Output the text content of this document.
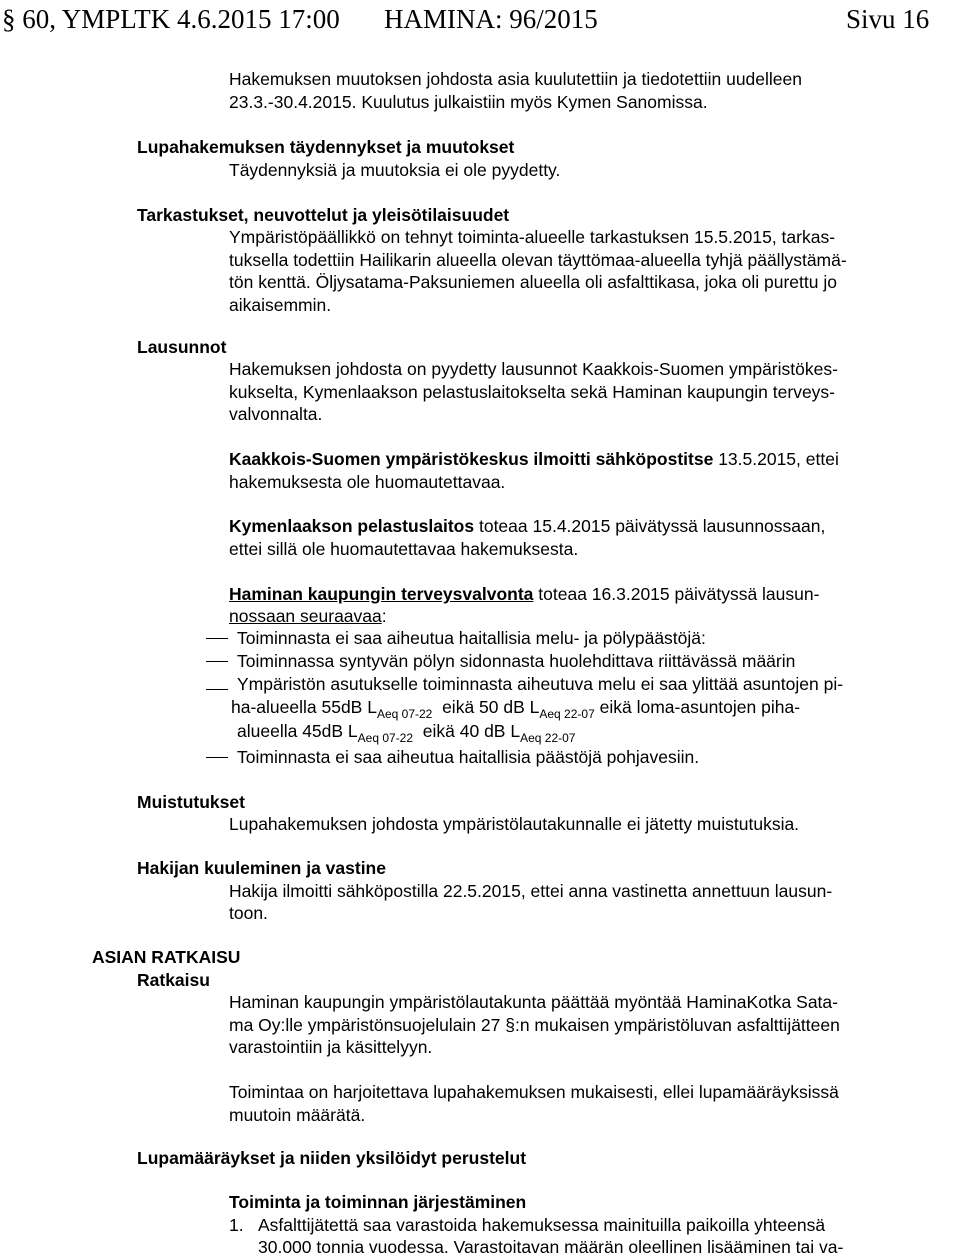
§ 60, YMPLTK 4.6.2015 17:00 HAMINA: 96/2015	Sivu 16
Hakemuksen muutoksen johdosta asia kuulutettiin ja tiedotettiin uudelleen
23.3.-30.4.2015. Kuulutus julkaistiin myös Kymen Sanomissa.
Lupahakemuksen täydennykset ja muutokset
Täydennyksiä ja muutoksia ei ole pyydetty.
Tarkastukset, neuvottelut ja yleisötilaisuudet
Ympäristöpäällikkö on tehnyt toiminta-alueelle tarkastuksen 15.5.2015, tarkas-
tuksella todettiin Hailikarin alueella olevan täyttömaa-alueella tyhjä päällystämä-
tön kenttä. Öljysatama-Paksuniemen alueella oli asfalttikasa, joka oli purettu jo
aikaisemmin.
Lausunnot
Hakemuksen johdosta on pyydetty lausunnot Kaakkois-Suomen ympäristökes-
kukselta, Kymenlaakson pelastuslaitokselta sekä Haminan kaupungin terveys-
valvonnalta.
Kaakkois-Suomen ympäristökeskus ilmoitti sähköpostitse 13.5.2015, ettei
hakemuksesta ole huomautettavaa.
Kymenlaakson pelastuslaitos toteaa 15.4.2015 päivätyssä lausunnossaan,
ettei sillä ole huomautettavaa hakemuksesta.
Haminan kaupungin terveysvalvonta toteaa 16.3.2015 päivätyssä lausun-
nossaan seuraavaa:
Toiminnasta ei saa aiheutua haitallisia melu- ja pölypäästöjä:
Toiminnassa syntyvän pölyn sidonnasta huolehdittava riittävässä määrin
Ympäristön asutukselle toiminnasta aiheutuva melu ei saa ylittää asuntojen pi-
ha-alueella 55dB $L_{Aeq 07-22}$  eikä 50 dB $L_{Aeq 22-07}$ eikä loma-asuntojen piha-
alueella 45dB $L_{Aeq 07-22}$  eikä 40 dB $L_{Aeq 22-07}$
Toiminnasta ei saa aiheutua haitallisia päästöjä pohjavesiin.
Muistutukset
Lupahakemuksen johdosta ympäristölautakunnalle ei jätetty muistutuksia.
Hakijan kuuleminen ja vastine
Hakija ilmoitti sähköpostilla 22.5.2015, ettei anna vastinetta annettuun lausun-
toon.
ASIAN RATKAISU
Ratkaisu
Haminan kaupungin ympäristölautakunta päättää myöntää HaminaKotka Sata-
ma Oy:lle ympäristönsuojelulain 27 §:n mukaisen ympäristöluvan asfalttijätteen
varastointiin ja käsittelyyn.
Toimintaa on harjoitettava lupahakemuksen mukaisesti, ellei lupamääräyksissä
muutoin määrätä.
Lupamääräykset ja niiden yksilöidyt perustelut
Toiminta ja toiminnan järjestäminen
1. Asfalttijätettä saa varastoida hakemuksessa mainituilla paikoilla yhteensä
30.000 tonnia vuodessa. Varastoitavan määrän oleellinen lisääminen tai va-
